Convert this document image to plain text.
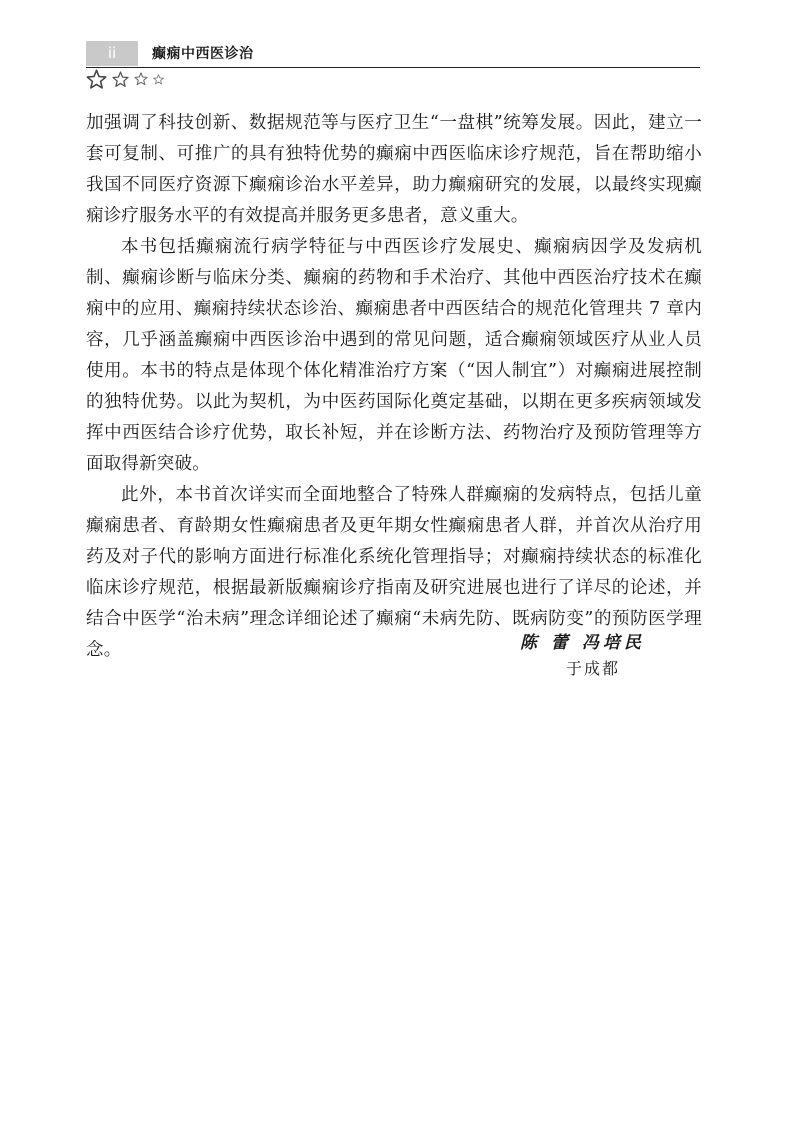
ii	癫痫中西医诊治

加强调了科技创新、数据规范等与医疗卫生“一盘棋”统筹发展。因此，建立一套可复制、可推广的具有独特优势的癫痫中西医临床诊疗规范，旨在帮助缩小我国不同医疗资源下癫痫诊治水平差异，助力癫痫研究的发展，以最终实现癫痫诊疗服务水平的有效提高并服务更多患者，意义重大。

本书包括癫痫流行病学特征与中西医诊疗发展史、癫痫病因学及发病机制、癫痫诊断与临床分类、癫痫的药物和手术治疗、其他中西医治疗技术在癫痫中的应用、癫痫持续状态诊治、癫痫患者中西医结合的规范化管理共 7 章内容，几乎涵盖癫痫中西医诊治中遇到的常见问题，适合癫痫领域医疗从业人员使用。本书的特点是体现个体化精准治疗方案（“因人制宜”）对癫痫进展控制的独特优势。以此为契机，为中医药国际化奠定基础，以期在更多疾病领域发挥中西医结合诊疗优势，取长补短，并在诊断方法、药物治疗及预防管理等方面取得新突破。

此外，本书首次详实而全面地整合了特殊人群癫痫的发病特点，包括儿童癫痫患者、育龄期女性癫痫患者及更年期女性癫痫患者人群，并首次从治疗用药及对子代的影响方面进行标准化系统化管理指导；对癫痫持续状态的标准化临床诊疗规范，根据最新版癫痫诊疗指南及研究进展也进行了详尽的论述，并结合中医学“治未病”理念详细论述了癫痫“未病先防、既病防变”的预防医学理念。	陈 蕾 冯培民
于成都
